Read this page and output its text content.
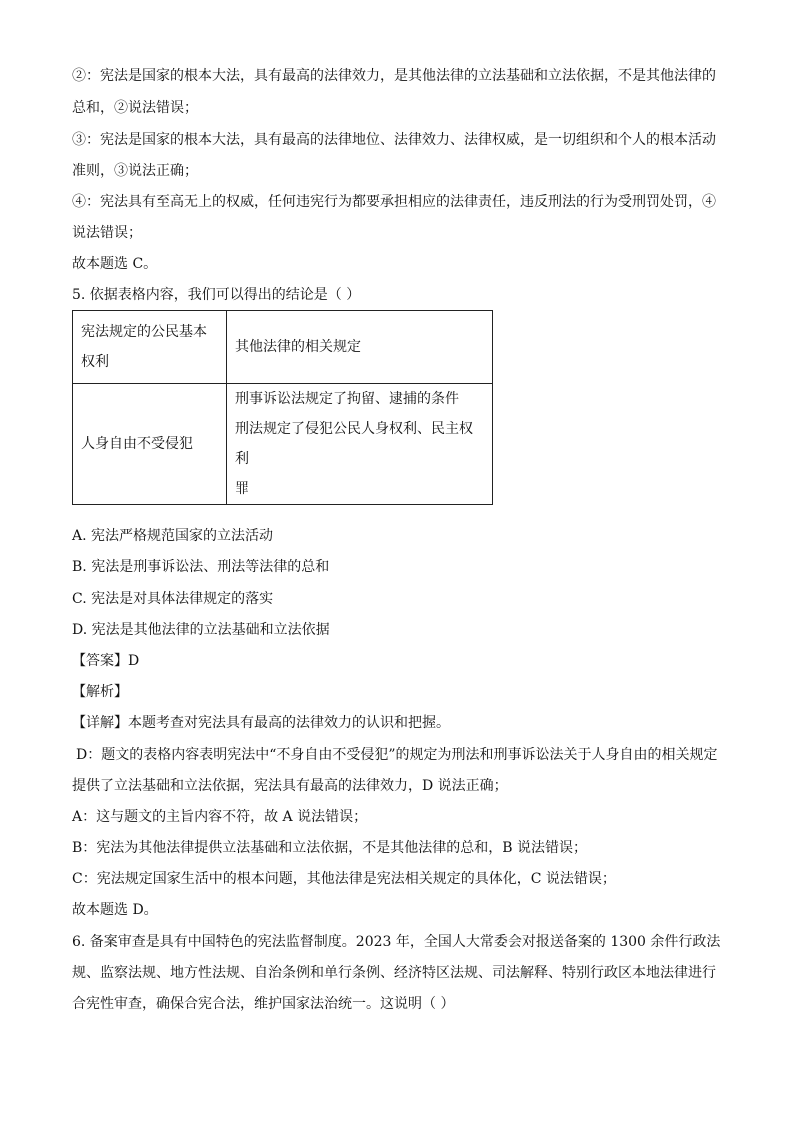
②：宪法是国家的根本大法，具有最高的法律效力，是其他法律的立法基础和立法依据，不是其他法律的
总和，②说法错误；
③：宪法是国家的根本大法，具有最高的法律地位、法律效力、法律权威，是一切组织和个人的根本活动
准则，③说法正确；
④：宪法具有至高无上的权威，任何违宪行为都要承担相应的法律责任，违反刑法的行为受刑罚处罚，④
说法错误；
故本题选 C。
5. 依据表格内容，我们可以得出的结论是（ ）
宪法规定的公民基本
权利	其他法律的相关规定

人身自由不受侵犯	刑事诉讼法规定了拘留、逮捕的条件
刑法规定了侵犯公民人身权利、民主权利
罪
A. 宪法严格规范国家的立法活动
B. 宪法是刑事诉讼法、刑法等法律的总和
C. 宪法是对具体法律规定的落实
D. 宪法是其他法律的立法基础和立法依据
【答案】D
【解析】
【详解】本题考查对宪法具有最高的法律效力的认识和把握。
D：题文的表格内容表明宪法中“不身自由不受侵犯”的规定为刑法和刑事诉讼法关于人身自由的相关规定
提供了立法基础和立法依据，宪法具有最高的法律效力，D 说法正确；
A：这与题文的主旨内容不符，故 A 说法错误；
B：宪法为其他法律提供立法基础和立法依据，不是其他法律的总和，B 说法错误；
C：宪法规定国家生活中的根本问题，其他法律是宪法相关规定的具体化，C 说法错误；
故本题选 D。
6. 备案审查是具有中国特色的宪法监督制度。2023 年，全国人大常委会对报送备案的 1300 余件行政法
规、监察法规、地方性法规、自治条例和单行条例、经济特区法规、司法解释、特别行政区本地法律进行
合宪性审查，确保合宪合法，维护国家法治统一。这说明（ ）
